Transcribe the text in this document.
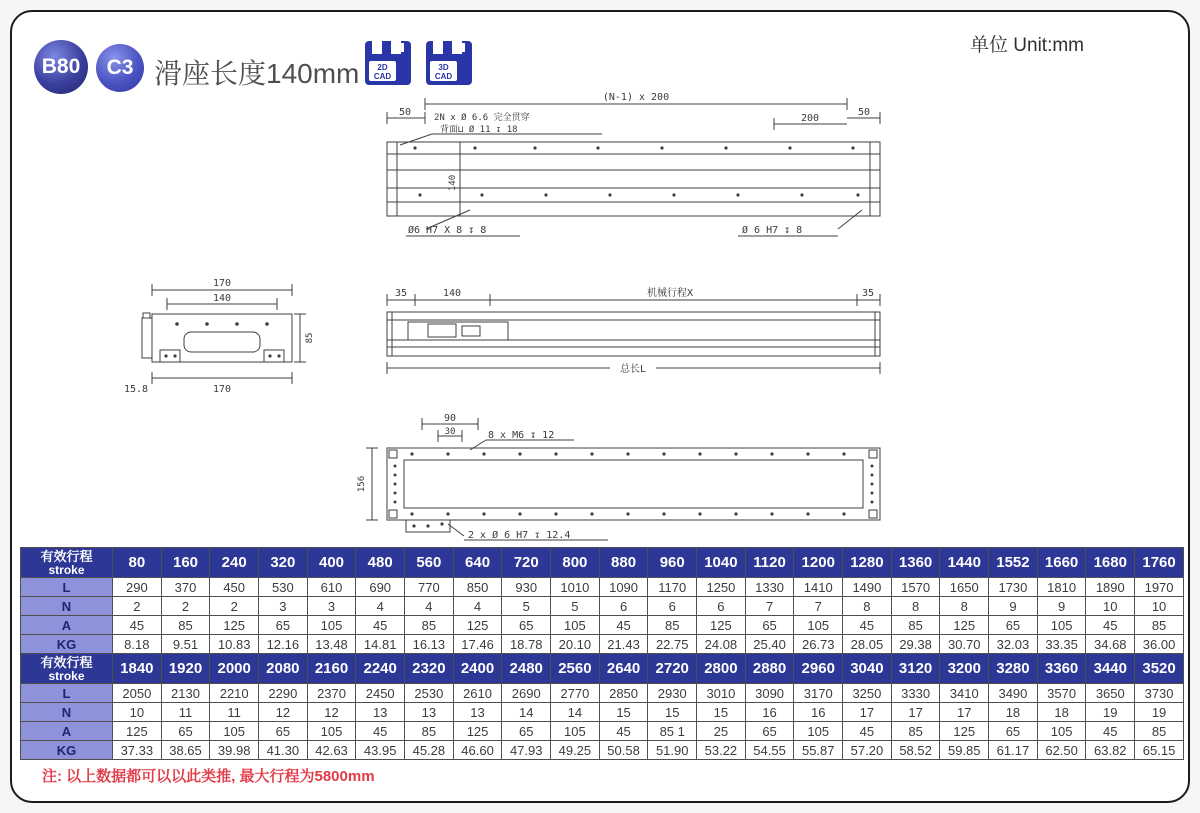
B80	C3 滑座长度140mm	2D
CAD
3D
CAD
单位 Unit:mm
(N-1) x 200
50	50
200
2N x Ø 6.6 完全贯穿
背面⊔ Ø 11 ↧ 18
140
Ø6 H7 X 8 ↧ 8	Ø 6 H7 ↧ 8
170
140
85
15.8	170
35	140	机械行程X	35
总长L
90
30	8 x M6 ↧ 12
156
2 x Ø 6 H7 ↧ 12.4
有效行程
stroke	80	160	240	320	400	480	560	640	720	800	880	960	1040	1120	1200	1280	1360	1440	1552	1660	1680	1760
L	290	370	450	530	610	690	770	850	930	1010	1090	1170	1250	1330	1410	1490	1570	1650	1730	1810	1890	1970
N	2	2	2	3	3	4	4	4	5	5	6	6	6	7	7	8	8	8	9	9	10	10
A	45	85	125	65	105	45	85	125	65	105	45	85	125	65	105	45	85	125	65	105	45	85
KG	8.18	9.51	10.83	12.16	13.48	14.81	16.13	17.46	18.78	20.10	21.43	22.75	24.08	25.40	26.73	28.05	29.38	30.70	32.03	33.35	34.68	36.00

有效行程
stroke	1840	1920	2000	2080	2160	2240	2320	2400	2480	2560	2640	2720	2800	2880	2960	3040	3120	3200	3280	3360	3440	3520
L	2050	2130	2210	2290	2370	2450	2530	2610	2690	2770	2850	2930	3010	3090	3170	3250	3330	3410	3490	3570	3650	3730
N	10	11	11	12	12	13	13	13	14	14	15	15	15	16	16	17	17	17	18	18	19	19
A	125	65	105	65	105	45	85	125	65	105	45	85 1	25	65	105	45	85	125	65	105	45	85
KG	37.33	38.65	39.98	41.30	42.63	43.95	45.28	46.60	47.93	49.25	50.58	51.90	53.22	54.55	55.87	57.20	58.52	59.85	61.17	62.50	63.82	65.15
注: 以上数据都可以以此类推, 最大行程为5800mm
